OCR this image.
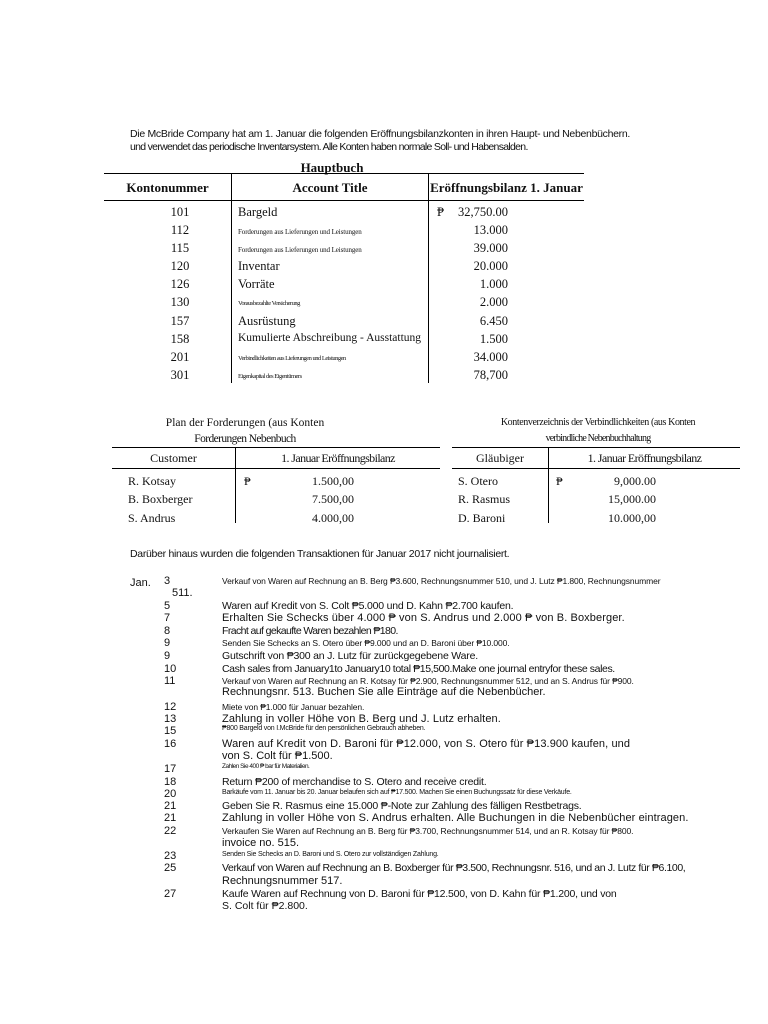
Die McBride Company hat am 1. Januar die folgenden Eröffnungsbilanzkonten in ihren Haupt- und Nebenbüchern.
und verwendet das periodische Inventarsystem. Alle Konten haben normale Soll- und Habensalden.
Hauptbuch
Kontonummer	Account Title	Eröffnungsbilanz 1. Januar
101	Bargeld	₱	32,750.00
112	Forderungen aus Lieferungen und Leistungen	13.000
115	Forderungen aus Lieferungen und Leistungen	39.000
120	Inventar	20.000
126	Vorräte	1.000
130	Vorausbezahlte Versicherung	2.000
157	Ausrüstung	6.450
158	Kumulierte Abschreibung - Ausstattung	1.500
201	Verbindlichkeiten aus Lieferungen und Leistungen	34.000
301	Eigenkapital des Eigentümers	78,700
Plan der Forderungen (aus Konten
Forderungen Nebenbuch
Customer	1. Januar Eröffnungsbilanz
R. Kotsay	₱	1.500,00
B. Boxberger	7.500,00
S. Andrus	4.000,00
Kontenverzeichnis der Verbindlichkeiten (aus Konten
verbindliche Nebenbuchhaltung
Gläubiger	1. Januar Eröffnungsbilanz
S. Otero	₱	9,000.00
R. Rasmus	15,000.00
D. Baroni	10.000,00
Darüber hinaus wurden die folgenden Transaktionen für Januar 2017 nicht journalisiert.
Jan. 3	Verkauf von Waren auf Rechnung an B. Berg ₱3.600, Rechnungsnummer 510, und J. Lutz ₱1.800, Rechnungsnummer
511.
5	Waren auf Kredit von S. Colt ₱5.000 und D. Kahn ₱2.700 kaufen.
7	Erhalten Sie Schecks über 4.000 ₱ von S. Andrus und 2.000 ₱ von B. Boxberger.
8	Fracht auf gekaufte Waren bezahlen ₱180.
9	Senden Sie Schecks an S. Otero über ₱9.000 und an D. Baroni über ₱10.000.
9	Gutschrift von ₱300 an J. Lutz für zurückgegebene Ware.
10	Cash sales from January1to January10 total ₱15,500.Make one journal entryfor these sales.
11	Verkauf von Waren auf Rechnung an R. Kotsay für ₱2.900, Rechnungsnummer 512, und an S. Andrus für ₱900.
Rechnungsnr. 513. Buchen Sie alle Einträge auf die Nebenbücher.
12	Miete von ₱1.000 für Januar bezahlen.
13	Zahlung in voller Höhe von B. Berg und J. Lutz erhalten.
15	₱800 Bargeld von I.McBride für den persönlichen Gebrauch abheben.
16	Waren auf Kredit von D. Baroni für ₱12.000, von S. Otero für ₱13.900 kaufen, und
von S. Colt für ₱1.500.
17	Zahlen Sie 400 ₱ bar für Materialien.
18	Return ₱200 of merchandise to S. Otero and receive credit.
20	Barkäufe vom 11. Januar bis 20. Januar belaufen sich auf ₱17.500. Machen Sie einen Buchungssatz für diese Verkäufe.
21	Geben Sie R. Rasmus eine 15.000 ₱-Note zur Zahlung des fälligen Restbetrags.
21	Zahlung in voller Höhe von S. Andrus erhalten. Alle Buchungen in die Nebenbücher eintragen.
22	Verkaufen Sie Waren auf Rechnung an B. Berg für ₱3.700, Rechnungsnummer 514, und an R. Kotsay für ₱800.
invoice no. 515.
23	Senden Sie Schecks an D. Baroni und S. Otero zur vollständigen Zahlung.
25	Verkauf von Waren auf Rechnung an B. Boxberger für ₱3.500, Rechnungsnr. 516, und an J. Lutz für ₱6.100,
Rechnungsnummer 517.
27	Kaufe Waren auf Rechnung von D. Baroni für ₱12.500, von D. Kahn für ₱1.200, und von
S. Colt für ₱2.800.
